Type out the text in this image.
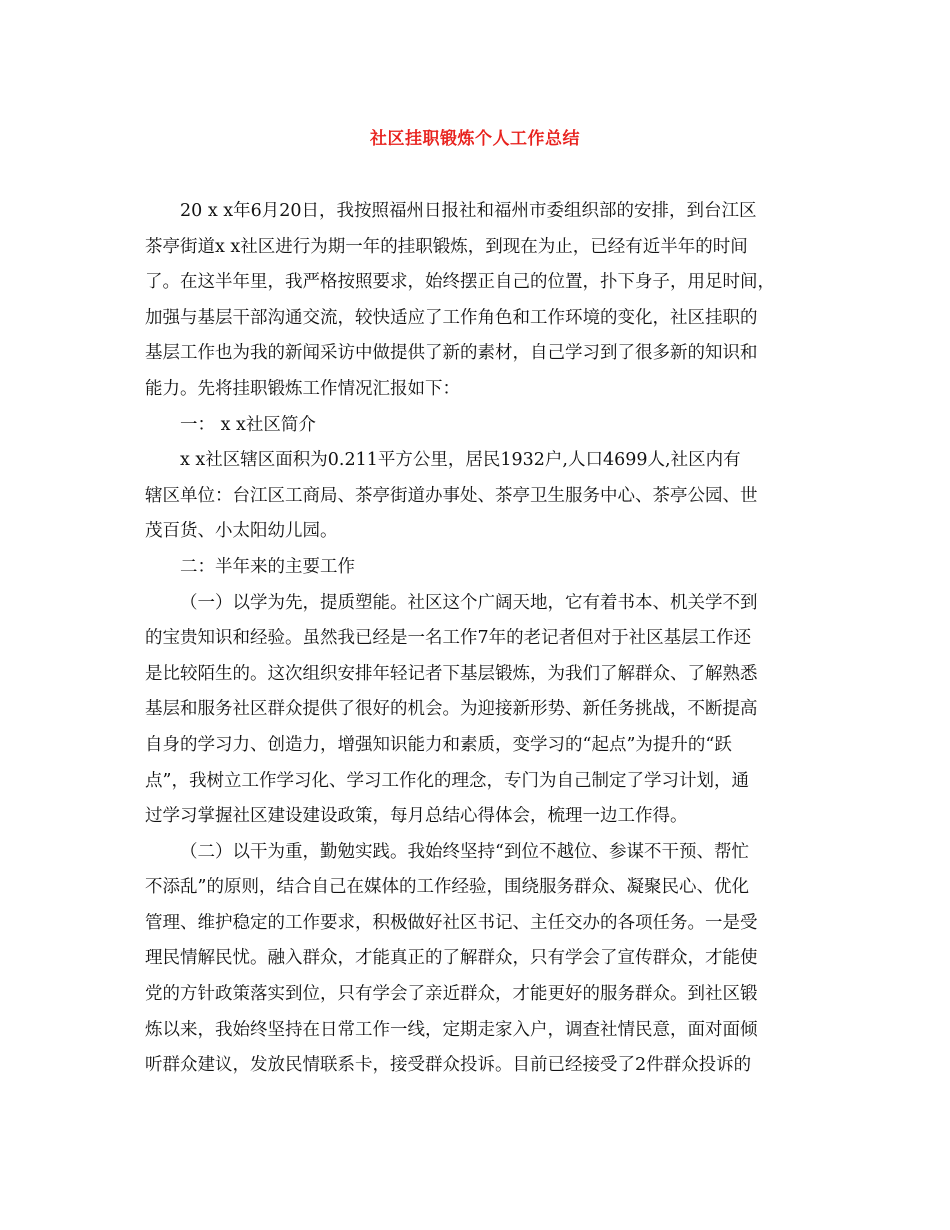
社区挂职锻炼个人工作总结
20 x x年6月20日，我按照福州日报社和福州市委组织部的安排，到台江区
茶亭街道x x社区进行为期一年的挂职锻炼，到现在为止，已经有近半年的时间
了。在这半年里，我严格按照要求，始终摆正自己的位置，扑下身子，用足时间，
加强与基层干部沟通交流，较快适应了工作角色和工作环境的变化，社区挂职的
基层工作也为我的新闻采访中做提供了新的素材，自己学习到了很多新的知识和
能力。先将挂职锻炼工作情况汇报如下：
一： x x社区简介
x x社区辖区面积为0.211平方公里，居民1932户,人口4699人,社区内有
辖区单位：台江区工商局、茶亭街道办事处、茶亭卫生服务中心、茶亭公园、世
茂百货、小太阳幼儿园。
二：半年来的主要工作
（一）以学为先，提质塑能。社区这个广阔天地，它有着书本、机关学不到
的宝贵知识和经验。虽然我已经是一名工作7年的老记者但对于社区基层工作还
是比较陌生的。这次组织安排年轻记者下基层锻炼，为我们了解群众、了解熟悉
基层和服务社区群众提供了很好的机会。为迎接新形势、新任务挑战，不断提高
自身的学习力、创造力，增强知识能力和素质，变学习的“起点”为提升的“跃
点”，我树立工作学习化、学习工作化的理念，专门为自己制定了学习计划，通
过学习掌握社区建设建设政策，每月总结心得体会，梳理一边工作得。
（二）以干为重，勤勉实践。我始终坚持“到位不越位、参谋不干预、帮忙
不添乱”的原则，结合自己在媒体的工作经验，围绕服务群众、凝聚民心、优化
管理、维护稳定的工作要求，积极做好社区书记、主任交办的各项任务。一是受
理民情解民忧。融入群众，才能真正的了解群众，只有学会了宣传群众，才能使
党的方针政策落实到位，只有学会了亲近群众，才能更好的服务群众。到社区锻
炼以来，我始终坚持在日常工作一线，定期走家入户，调查社情民意，面对面倾
听群众建议，发放民情联系卡，接受群众投诉。目前已经接受了2件群众投诉的
